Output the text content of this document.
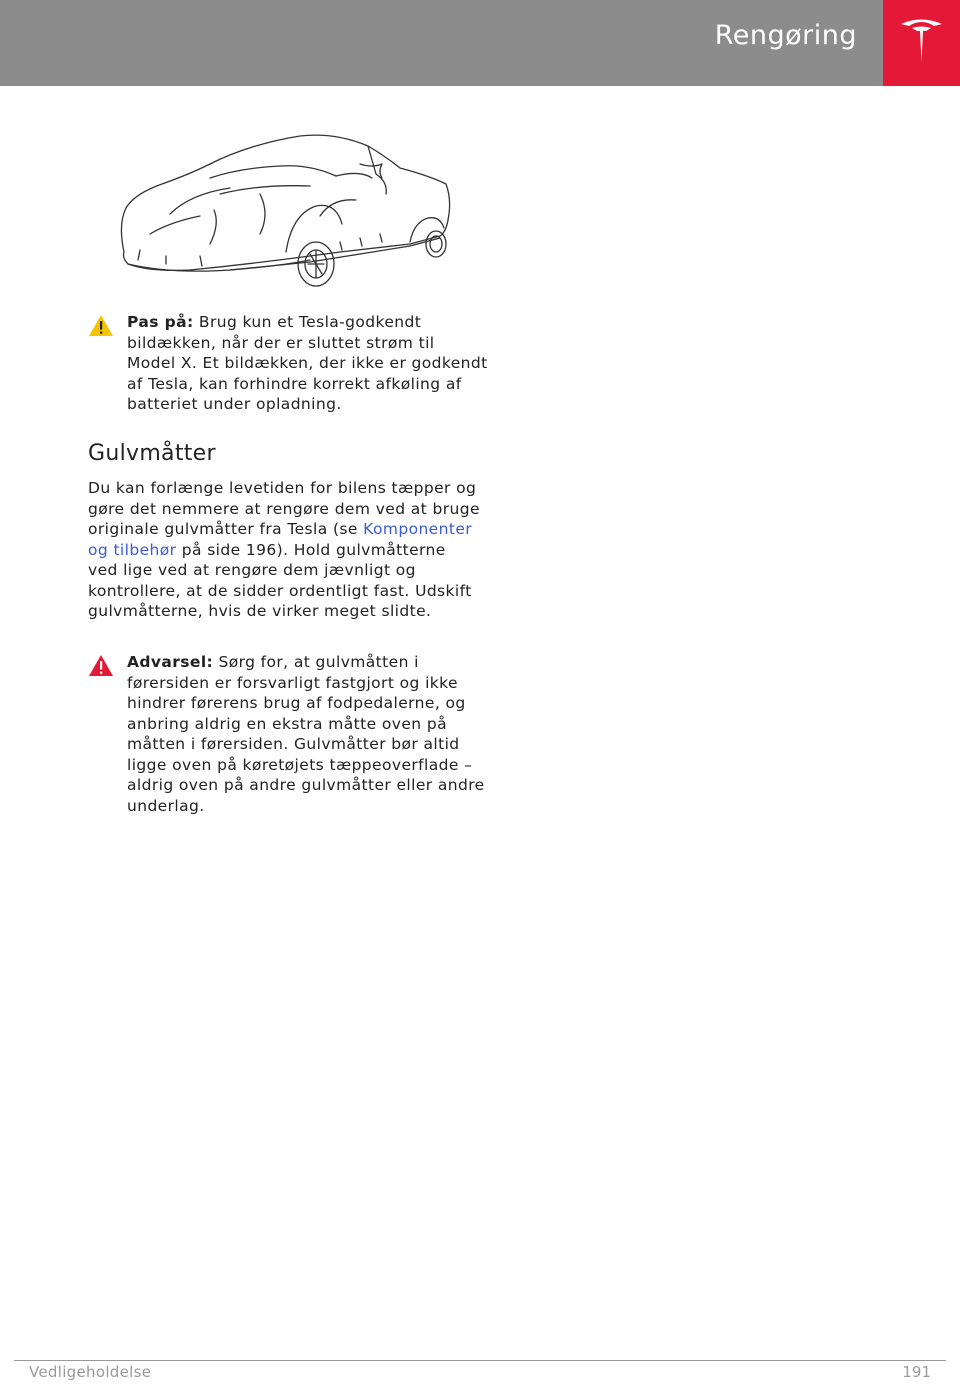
Rengøring
Pas på: Brug kun et Tesla-godkendt bildækken, når der er sluttet strøm til Model X. Et bildækken, der ikke er godkendt af Tesla, kan forhindre korrekt afkøling af batteriet under opladning.
Gulvmåtter
Du kan forlænge levetiden for bilens tæpper og gøre det nemmere at rengøre dem ved at bruge originale gulvmåtter fra Tesla (se Komponenter og tilbehør på side 196). Hold gulvmåtterne ved lige ved at rengøre dem jævnligt og kontrollere, at de sidder ordentligt fast. Udskift gulvmåtterne, hvis de virker meget slidte.
Advarsel: Sørg for, at gulvmåtten i førersiden er forsvarligt fastgjort og ikke hindrer førerens brug af fodpedalerne, og anbring aldrig en ekstra måtte oven på måtten i førersiden. Gulvmåtter bør altid ligge oven på køretøjets tæppeoverflade – aldrig oven på andre gulvmåtter eller andre underlag.
Vedligeholdelse	191
